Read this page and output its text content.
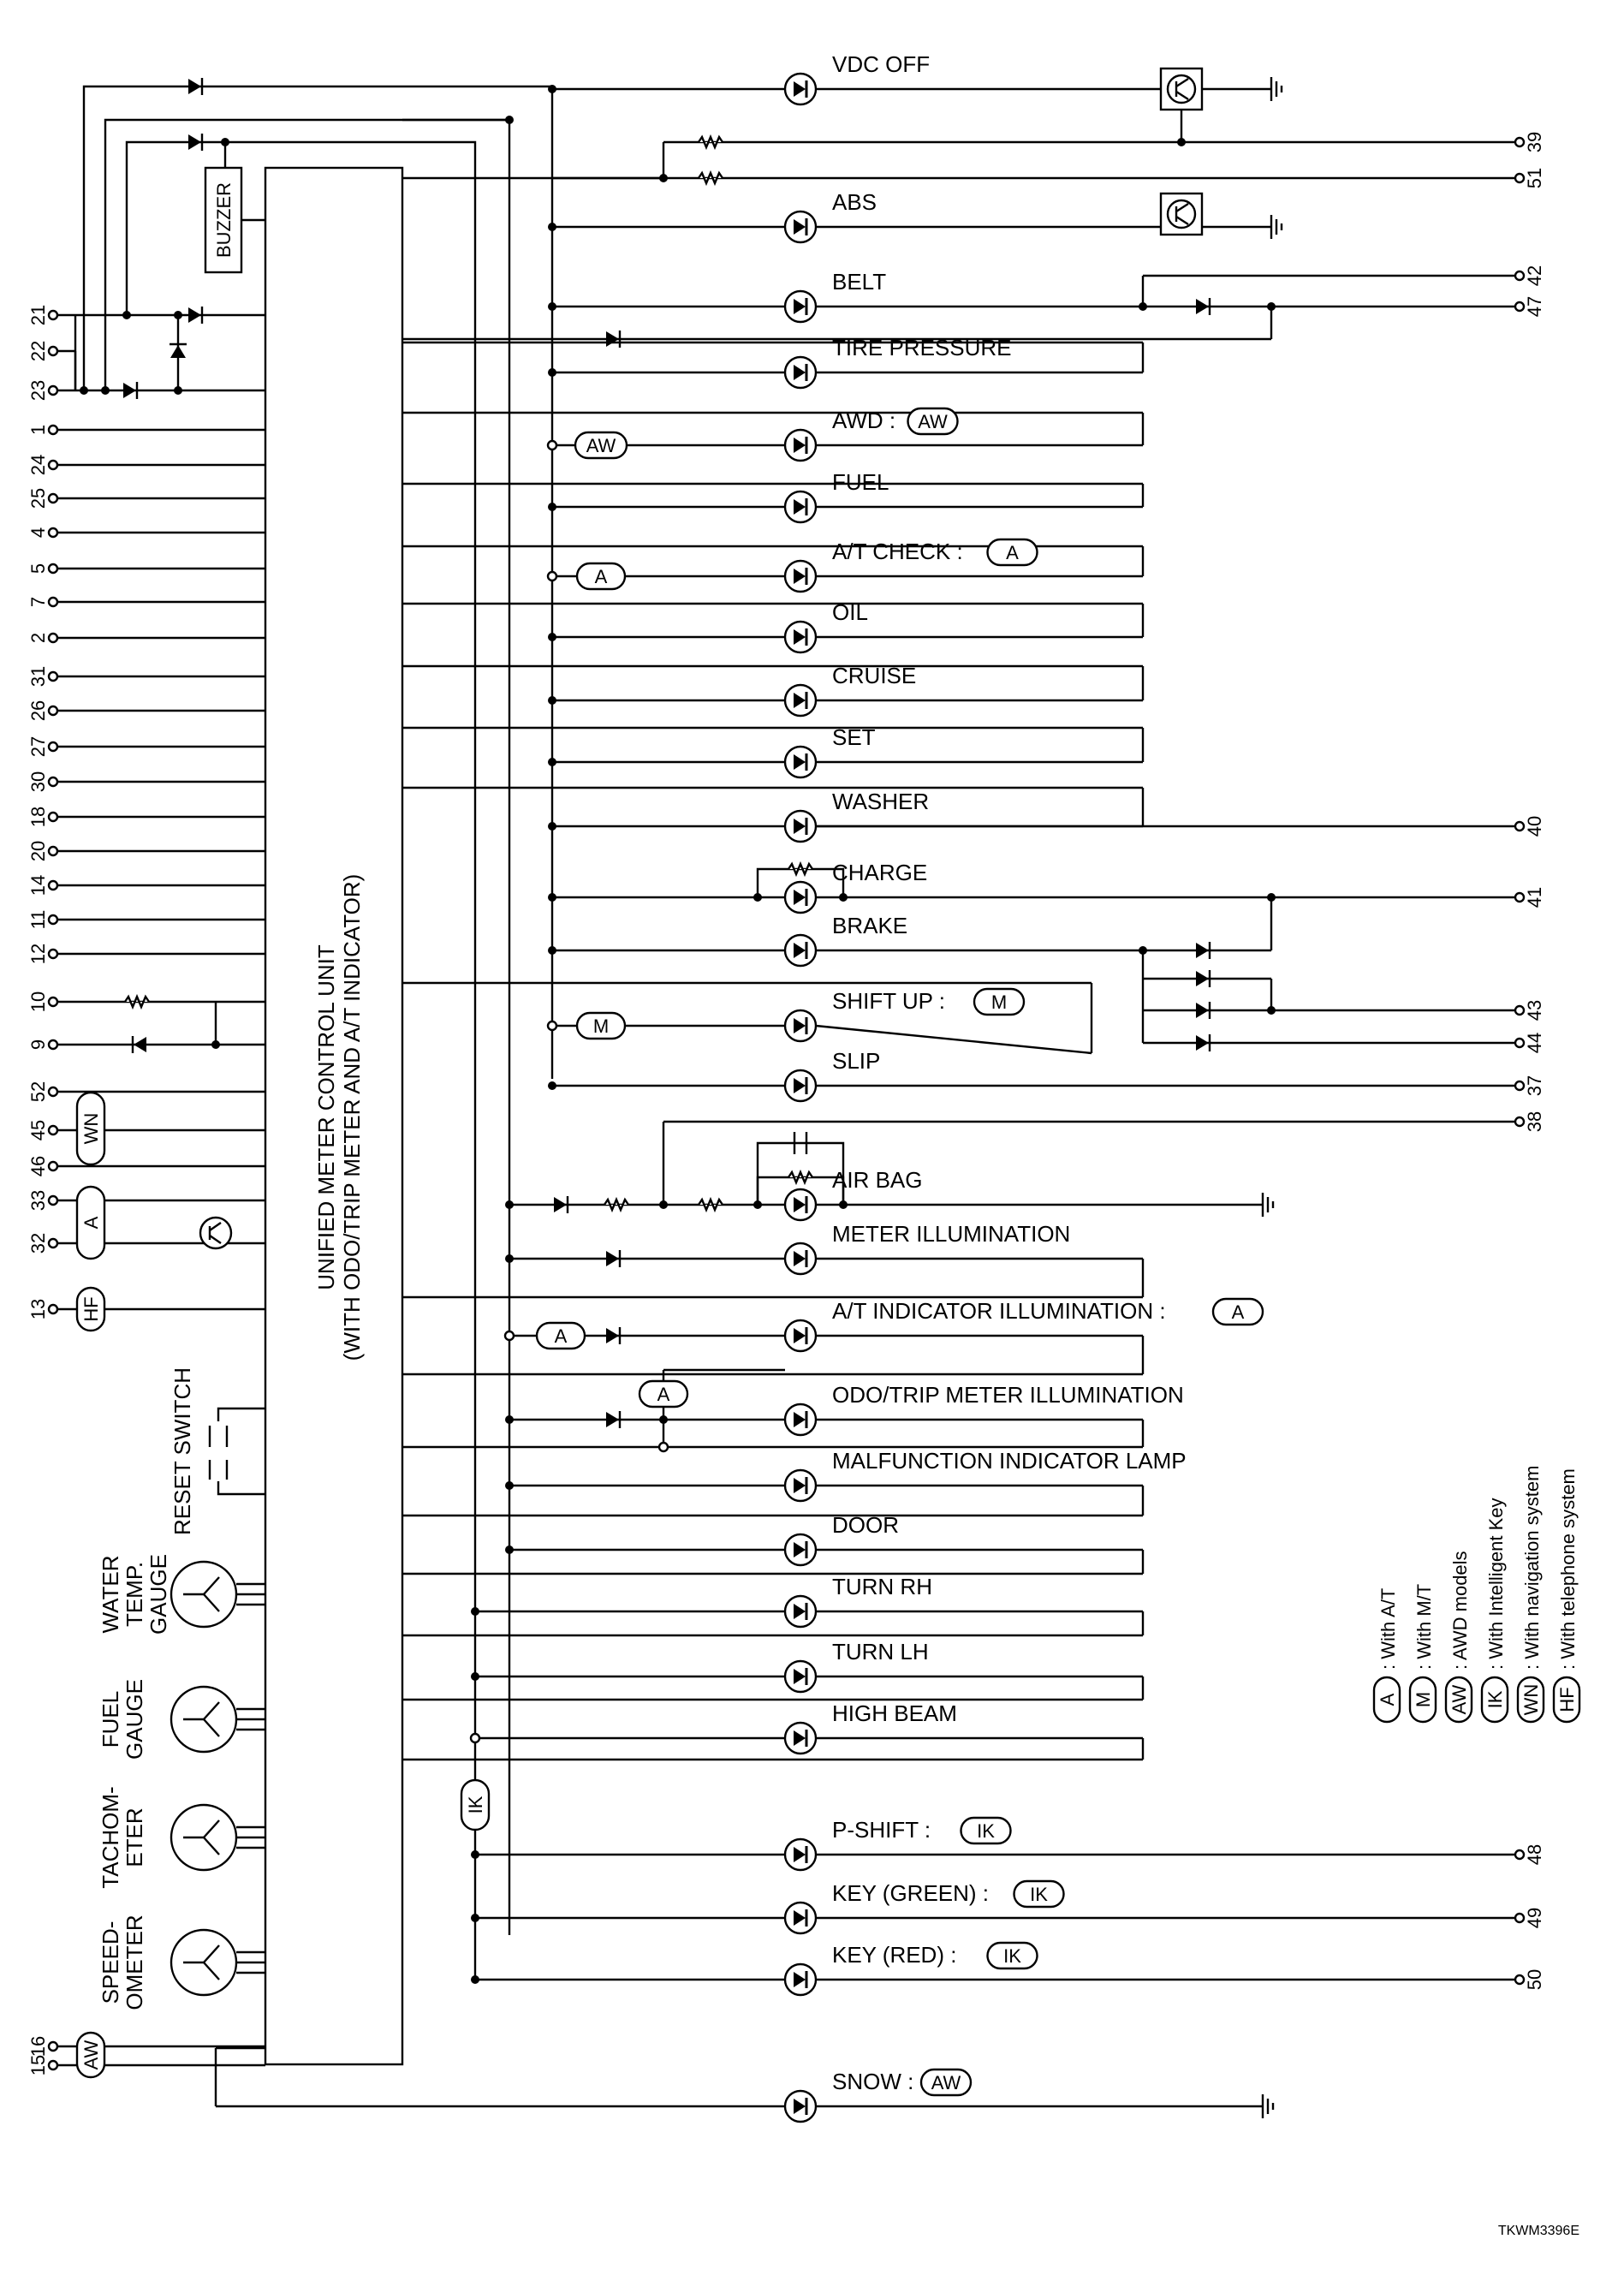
UNIFIED METER CONTROL UNIT (WITH ODO/TRIP METER AND A/T INDICATOR)
BUZZER
21
22
23
1
24
25
4
5
7
2
31
26
27
30
18
20
14
11
12
10
9
52
45
46
33
32
13
16
15
WN
A
HF
AW
RESET SWITCH
WATER
TEMP.
GAUGE
FUEL
GAUGE
TACHOM-
ETER
SPEED-
OMETER
VDC OFF
ABS
BELT
TIRE PRESSURE
AWD : AW
FUEL
A/T CHECK : A
OIL
CRUISE
SET
WASHER
CHARGE
BRAKE
SHIFT UP : M
SLIP
AIR BAG
METER ILLUMINATION
A/T INDICATOR ILLUMINATION :	A
ODO/TRIP METER ILLUMINATION
MALFUNCTION INDICATOR LAMP
DOOR
TURN RH
TURN LH
HIGH BEAM
P-SHIFT : IK
KEY (GREEN) : IK
KEY (RED) : IK
SNOW : AW
AW
A
M
A
A
IK
39
51
42
47
40
41
43
44
37
38
48
49
50
A
: With A/T
M
: With M/T
AW
: AWD models
IK
: With Intelligent Key
WN
: With navigation system
HF
: With telephone system
TKWM3396E
